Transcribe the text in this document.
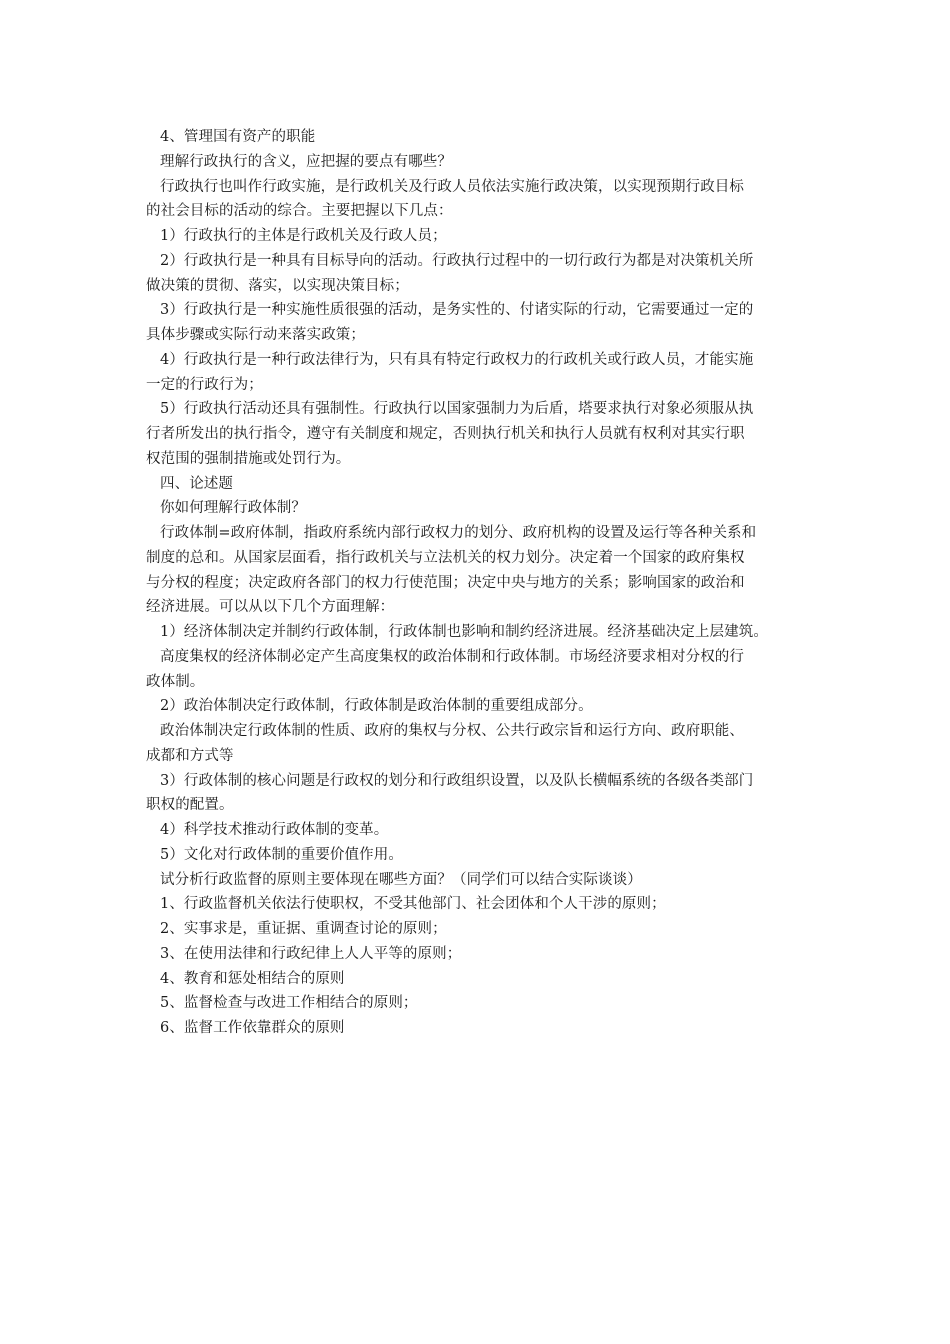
4、管理国有资产的职能
理解行政执行的含义，应把握的要点有哪些？
行政执行也叫作行政实施，是行政机关及行政人员依法实施行政决策，以实现预期行政目标
的社会目标的活动的综合。主要把握以下几点：
1）行政执行的主体是行政机关及行政人员；
2）行政执行是一种具有目标导向的活动。行政执行过程中的一切行政行为都是对决策机关所
做决策的贯彻、落实，以实现决策目标；
3）行政执行是一种实施性质很强的活动，是务实性的、付诸实际的行动，它需要通过一定的
具体步骤或实际行动来落实政策；
4）行政执行是一种行政法律行为，只有具有特定行政权力的行政机关或行政人员，才能实施
一定的行政行为；
5）行政执行活动还具有强制性。行政执行以国家强制力为后盾，塔要求执行对象必须服从执
行者所发出的执行指令，遵守有关制度和规定，否则执行机关和执行人员就有权利对其实行职
权范围的强制措施或处罚行为。
四、论述题
你如何理解行政体制？
行政体制=政府体制，指政府系统内部行政权力的划分、政府机构的设置及运行等各种关系和
制度的总和。从国家层面看，指行政机关与立法机关的权力划分。决定着一个国家的政府集权
与分权的程度；决定政府各部门的权力行使范围；决定中央与地方的关系；影响国家的政治和
经济进展。可以从以下几个方面理解：
1）经济体制决定并制约行政体制，行政体制也影响和制约经济进展。经济基础决定上层建筑。
高度集权的经济体制必定产生高度集权的政治体制和行政体制。市场经济要求相对分权的行
政体制。
2）政治体制决定行政体制，行政体制是政治体制的重要组成部分。
政治体制决定行政体制的性质、政府的集权与分权、公共行政宗旨和运行方向、政府职能、
成都和方式等
3）行政体制的核心问题是行政权的划分和行政组织设置，以及队长横幅系统的各级各类部门
职权的配置。
4）科学技术推动行政体制的变革。
5）文化对行政体制的重要价值作用。
试分析行政监督的原则主要体现在哪些方面？（同学们可以结合实际谈谈）
1、行政监督机关依法行使职权，不受其他部门、社会团体和个人干涉的原则；
2、实事求是，重证据、重调查讨论的原则；
3、在使用法律和行政纪律上人人平等的原则；
4、教育和惩处相结合的原则
5、监督检查与改进工作相结合的原则；
6、监督工作依靠群众的原则
